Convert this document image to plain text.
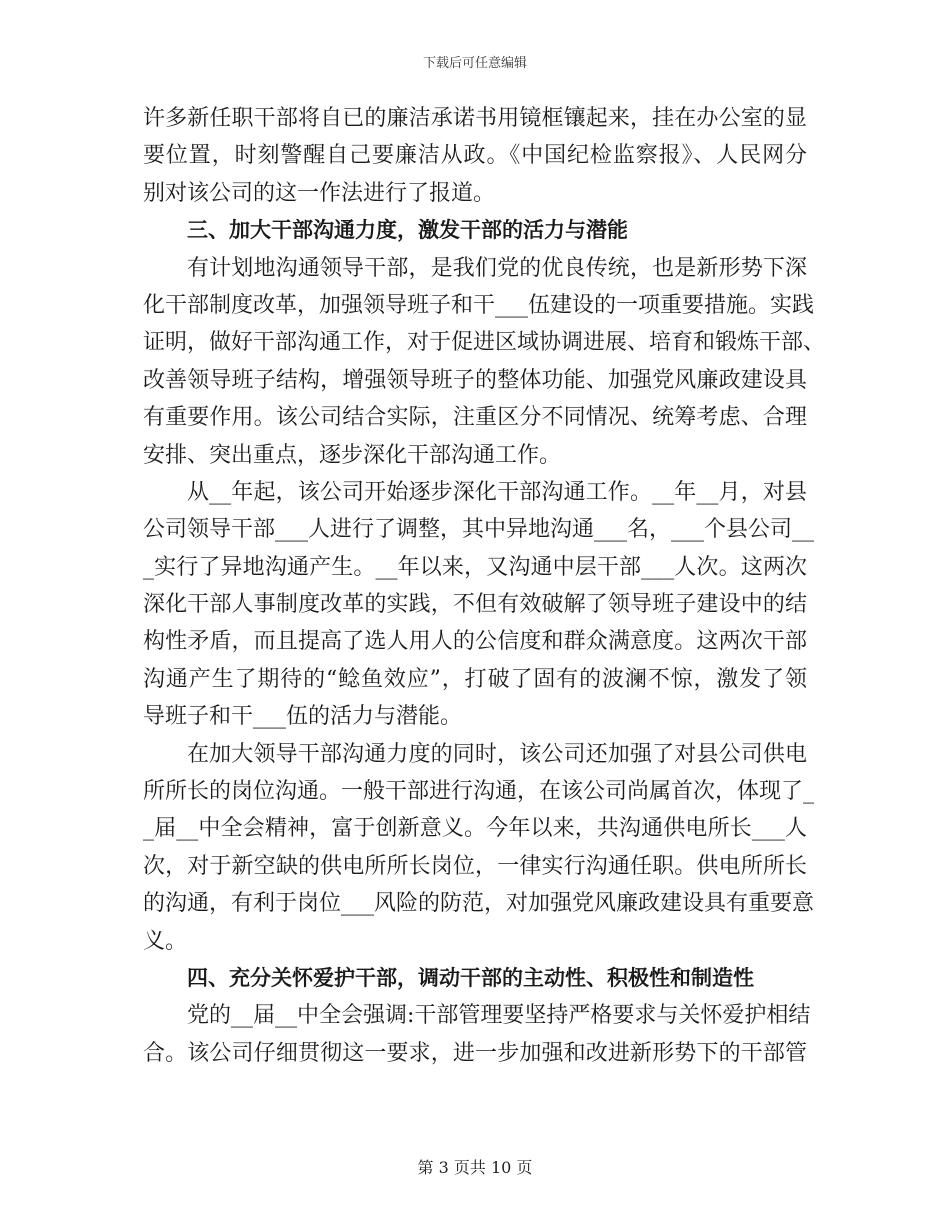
下载后可任意编辑
许多新任职干部将自已的廉洁承诺书用镜框镶起来，挂在办公室的显
要位置，时刻警醒自己要廉洁从政。《中国纪检监察报》、人民网分
别对该公司的这一作法进行了报道。
三、加大干部沟通力度，激发干部的活力与潜能
有计划地沟通领导干部，是我们党的优良传统，也是新形势下深
化干部制度改革，加强领导班子和干___伍建设的一项重要措施。实践
证明，做好干部沟通工作，对于促进区域协调进展、培育和锻炼干部、
改善领导班子结构，增强领导班子的整体功能、加强党风廉政建设具
有重要作用。该公司结合实际，注重区分不同情况、统筹考虑、合理
安排、突出重点，逐步深化干部沟通工作。
从__年起，该公司开始逐步深化干部沟通工作。__年__月，对县
公司领导干部___人进行了调整，其中异地沟通___名，___个县公司__
_实行了异地沟通产生。__年以来，又沟通中层干部___人次。这两次
深化干部人事制度改革的实践，不但有效破解了领导班子建设中的结
构性矛盾，而且提高了选人用人的公信度和群众满意度。这两次干部
沟通产生了期待的“鲶鱼效应”，打破了固有的波澜不惊，激发了领
导班子和干___伍的活力与潜能。
在加大领导干部沟通力度的同时，该公司还加强了对县公司供电
所所长的岗位沟通。一般干部进行沟通，在该公司尚属首次，体现了_
_届__中全会精神，富于创新意义。今年以来，共沟通供电所长___人
次，对于新空缺的供电所所长岗位，一律实行沟通任职。供电所所长
的沟通，有利于岗位___风险的防范，对加强党风廉政建设具有重要意
义。
四、充分关怀爱护干部，调动干部的主动性、积极性和制造性
党的__届__中全会强调:干部管理要坚持严格要求与关怀爱护相结
合。该公司仔细贯彻这一要求，进一步加强和改进新形势下的干部管
第 3 页共 10 页
